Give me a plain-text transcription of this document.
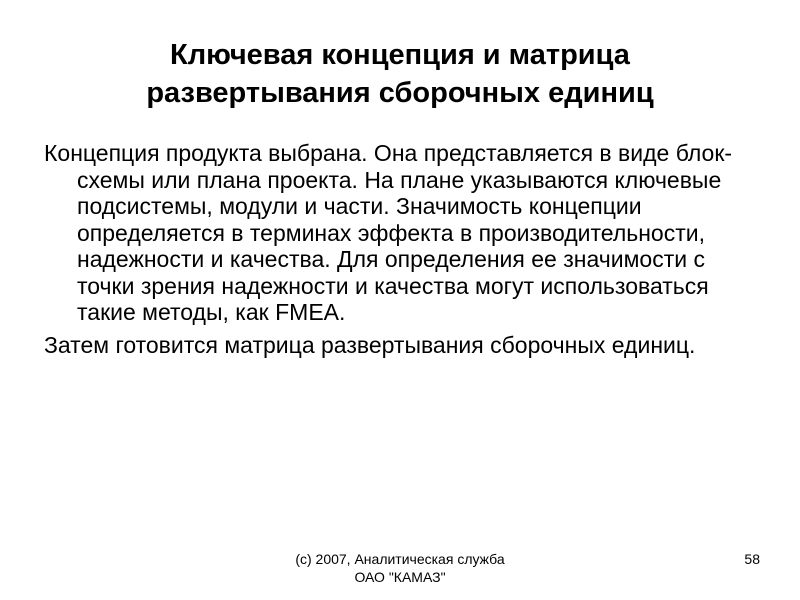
Ключевая концепция и матрица
развертывания сборочных единиц

Концепция продукта выбрана. Она представляется в виде блок-схемы или плана проекта. На плане указываются ключевые подсистемы, модули и части. Значимость концепции определяется в терминах эффекта в производительности, надежности и качества. Для определения ее значимости с точки зрения надежности и качества могут использоваться такие методы, как FMEA.

Затем готовится матрица развертывания сборочных единиц.

(c) 2007, Аналитическая служба
ОАО "КАМАЗ"
58
